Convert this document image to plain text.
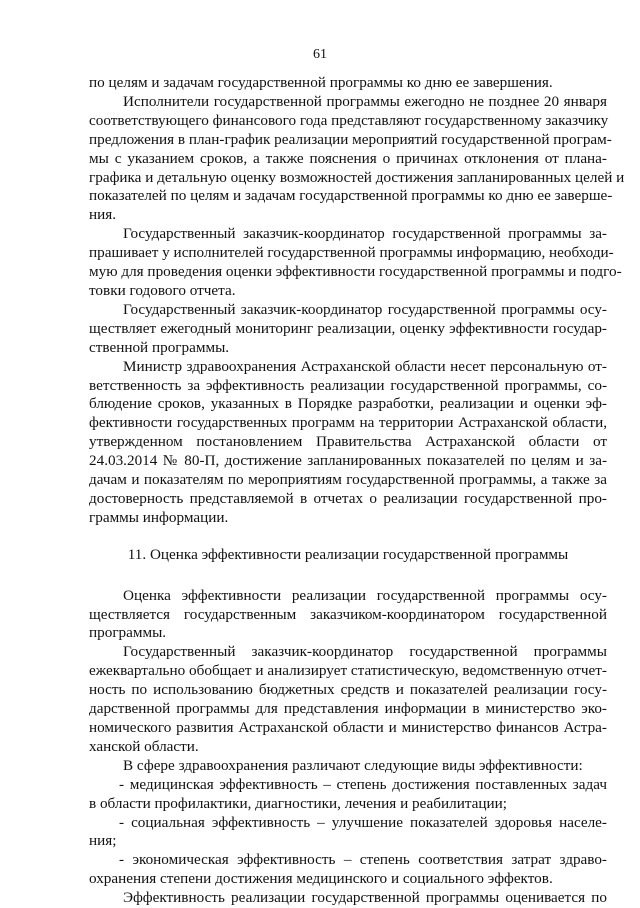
61
по целям и задачам государственной программы ко дню ее завершения.
Исполнители государственной программы ежегодно не позднее 20 января
соответствующего финансового года представляют государственному заказчику
предложения в план-график реализации мероприятий государственной програм-
мы с указанием сроков, а также пояснения о причинах отклонения от плана-
графика и детальную оценку возможностей достижения запланированных целей и
показателей по целям и задачам государственной программы ко дню ее заверше-
ния.
Государственный заказчик-координатор государственной программы за-
прашивает у исполнителей государственной программы информацию, необходи-
мую для проведения оценки эффективности государственной программы и подго-
товки годового отчета.
Государственный заказчик-координатор государственной программы осу-
ществляет ежегодный мониторинг реализации, оценку эффективности государ-
ственной программы.
Министр здравоохранения Астраханской области несет персональную от-
ветственность за эффективность реализации государственной программы, со-
блюдение сроков, указанных в Порядке разработки, реализации и оценки эф-
фективности государственных программ на территории Астраханской области,
утвержденном постановлением Правительства Астраханской области от
24.03.2014 № 80-П, достижение запланированных показателей по целям и за-
дачам и показателям по мероприятиям государственной программы, а также за
достоверность представляемой в отчетах о реализации государственной про-
граммы информации.
11. Оценка эффективности реализации государственной программы
Оценка эффективности реализации государственной программы осу-
ществляется государственным заказчиком-координатором государственной
программы.
Государственный заказчик-координатор государственной программы
ежеквартально обобщает и анализирует статистическую, ведомственную отчет-
ность по использованию бюджетных средств и показателей реализации госу-
дарственной программы для представления информации в министерство эко-
номического развития Астраханской области и министерство финансов Астра-
ханской области.
В сфере здравоохранения различают следующие виды эффективности:
- медицинская эффективность – степень достижения поставленных задач
в области профилактики, диагностики, лечения и реабилитации;
- социальная эффективность – улучшение показателей здоровья населе-
ния;
- экономическая эффективность – степень соответствия затрат здраво-
охранения степени достижения медицинского и социального эффектов.
Эффективность реализации государственной программы оценивается по
